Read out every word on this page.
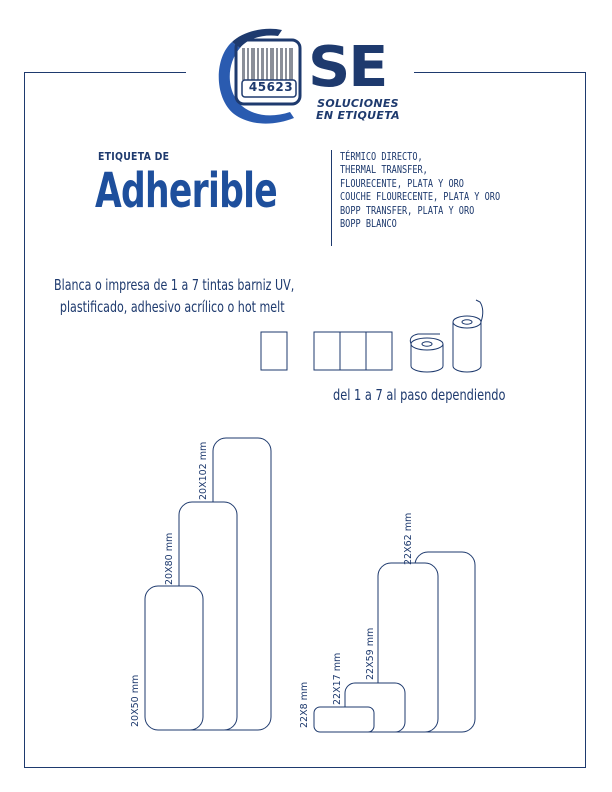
45623 SE
SOLUCIONES
EN ETIQUETA
ETIQUETA DE
Adherible
TÉRMICO DIRECTO,
THERMAL TRANSFER,
FLOURECENTE, PLATA Y ORO
COUCHE FLOURECENTE, PLATA Y ORO
BOPP TRANSFER, PLATA Y ORO
BOPP BLANCO
Blanca o impresa de 1 a 7 tintas barniz UV,
plastificado, adhesivo acrílico o hot melt
del 1 a 7 al paso dependiendo
20X102 mm
20X80 mm
20X50 mm
22X62 mm
22X59 mm
22X17 mm
22X8 mm
